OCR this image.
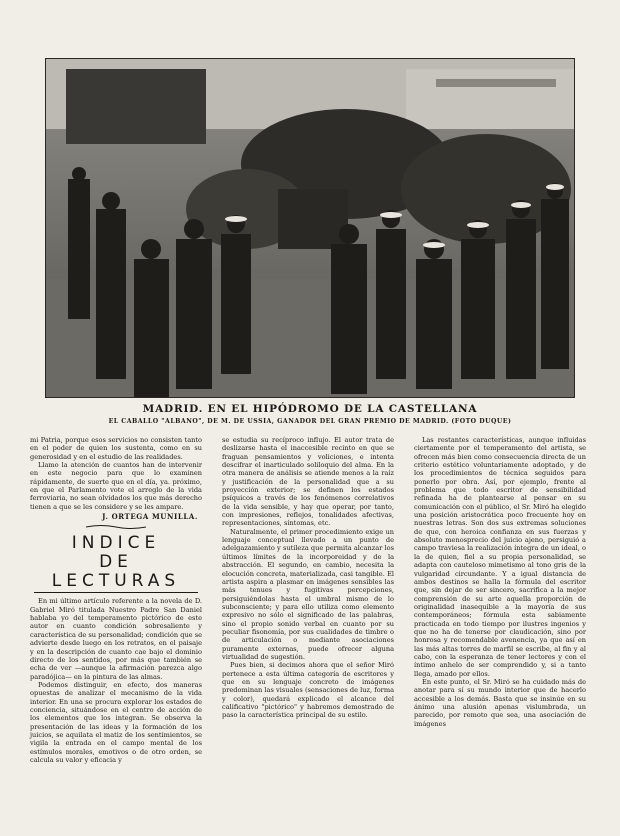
MADRID. EN EL HIPÓDROMO DE LA CASTELLANA
EL CABALLO "ALBANO", DE M. DE USSIA, GANADOR DEL GRAN PREMIO DE MADRID. (FOTO DUQUE)

mi Patria, porque esos servicios no consisten tanto en el poder de quien los sustenta, como en su generosidad y en el estudio de las realidades.

Llamo la atención de cuantos han de intervenir en este negocio para que lo examinen rápidamente, de suerte que en el día, ya. próximo, en que el Parlamento vote el arreglo de la vida ferroviaria, no sean olvidados los que más derecho tienen a que se les considere y se les ampare.

J. ORTEGA MUNILLA.
INDICE
DE LECTURAS

En mi último artículo referente a la novela de D. Gabriel Miró titulada Nuestro Padre San Daniel hablaba yo del temperamento pictórico de este autor en cuanto condición sobresaliente y característica de su personalidad; condición que se advierte desde luego en los retratos, en el paisaje y en la descripción de cuanto cae bajo el dominio directo de los sentidos, por más que también se echa de ver —aunque la afirmación parezca algo paradójica— en la pintura de las almas.

Podemos distinguir, en efecto, dos maneras opuestas de analizar el mecanismo de la vida interior. En una se procura explorar los estados de conciencia, situándose en el centro de acción de los elementos que los integran. Se observa la presentación de las ideas y la formación de los juicios, se aquilata el matiz de los sentimientos, se vigila la entrada en el campo mental de los estímulos morales, emotivos o de otro orden, se calcula su valor y eficacia y

se estudia su recíproco influjo. El autor trata de deslizarse hasta el inaccesible recinto en que se fraguan pensamientos y voliciones, e intenta descifrar el inarticulado soliloquio del alma. En la otra manera de análisis se atiende menos a la raíz y justificación de la personalidad que a su proyección exterior; se definen los estados psíquicos a través de los fenómenos correlativos de la vida sensible, y hay que operar, por tanto, con impresiones, reflejos, tonalidades afectivas, representaciones, síntomas, etc.

Naturalmente, el primer procedimiento exige un lenguaje conceptual llevado a un punto de adelgazamiento y sutileza que permita alcanzar los últimos límites de la incorporeidad y de la abstracción. El segundo, en cambio, necesita la elocución concreta, materializada, casi tangible. El artista aspira a plasmar en imágenes sensibles las más tenues y fugitivas percepciones, persiguiéndolas hasta el umbral mismo de lo subconsciente; y para ello utiliza como elemento expresivo no sólo el significado de las palabras, sino el propio sonido verbal en cuanto por su peculiar fisonomía, por sus cualidades de timbre o de articulación o mediante asociaciones puramente externas, puede ofrecer alguna virtualidad de sugestión.

Pues bien, si decimos ahora que el señor Miró pertenece a esta última categoría de escritores y que en su lenguaje concreto de imágenes predominan las visuales (sensaciones de luz, forma y color), quedará explicado el alcance del calificativo "pictórico" y habremos demostrado de paso la característica principal de su estilo.

Las restantes características, aunque influidas ciertamente por el temperamento del artista, se ofrecen más bien como consecuencia directa de un criterio estético voluntariamente adoptado, y de los procedimientos de técnica seguidos para ponerlo por obra. Así, por ejemplo, frente al problema que todo escritor de sensibilidad refinada ha de plantearse al pensar en su comunicación con el público, el Sr. Miró ha elegido una posición aristocrática poco frecuente hoy en nuestras letras. Son dos sus extremas soluciones de que, con heroica confianza en sus fuerzas y absoluto menosprecio del juicio ajeno, persiguió a campo traviesa la realización íntegra de un ideal, o la de quien, fiel a su propia personalidad, se adapta con cauteloso mimetismo al tono gris de la vulgaridad circundante. Y a igual distancia de ambos destinos se halla la fórmula del escritor que, sin dejar de ser sincero, sacrifica a la mejor comprensión de su arte aquella proporción de originalidad inasequible a la mayoría de sus contemporáneos; fórmula esta sabiamente practicada en todo tiempo por ilustres ingenios y que no ha de tenerse por claudicación, sino por honrosa y recomendable avenencia, ya que así en las más altas torres de marfil se escribe, al fin y al cabo, con la esperanza de tener lectores y con el íntimo anhelo de ser comprendido y, si a tanto llega, amado por ellos.

En este punto, el Sr. Miró se ha cuidado más de anotar para sí su mundo interior que de hacerlo accesible a los demás. Basta que se insinúe en su ánimo una alusión apenas vislumbrada, un parecido, por remoto que sea, una asociación de imágenes
